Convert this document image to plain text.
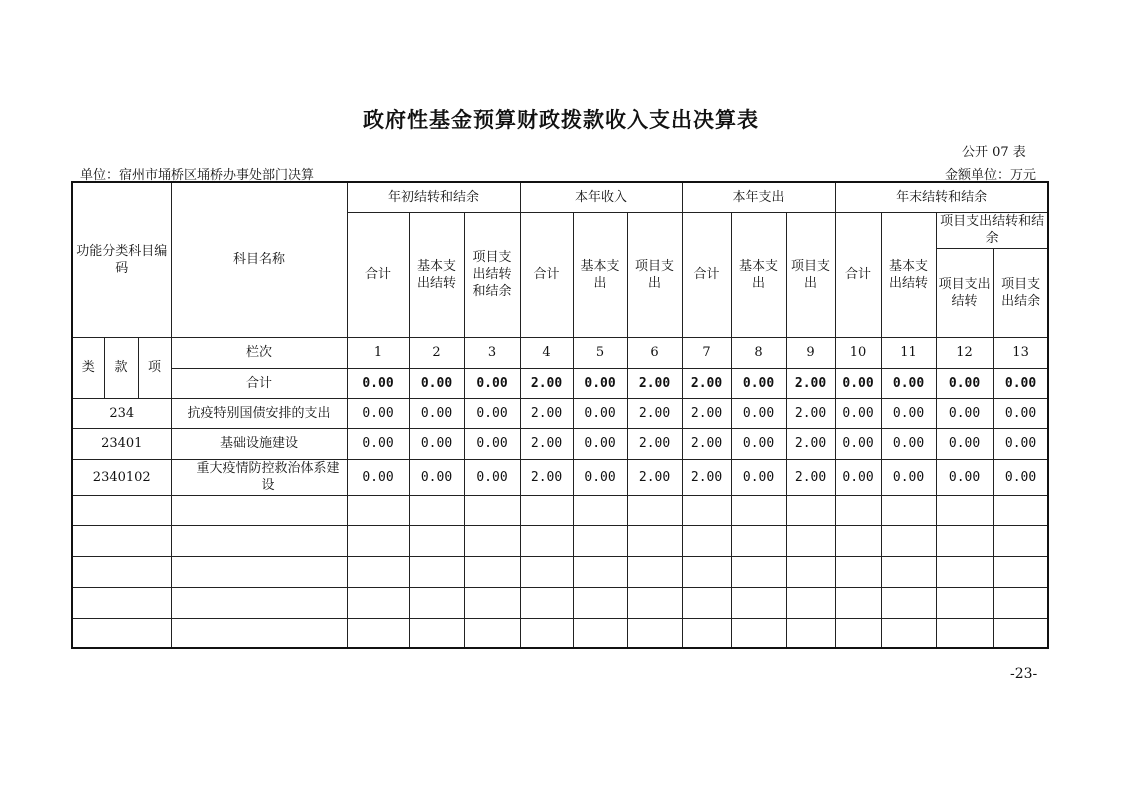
政府性基金预算财政拨款收入支出决算表
公开 07 表
单位：宿州市埇桥区埇桥办事处部门决算	金额单位：万元
功能分类科目编码			科目名称	年初结转和结余			本年收入			本年支出			年末结转和结余				
				合计	基本支出结转	项目支出结转和结余	合计	基本支出	项目支出	合计	基本支出	项目支出	合计	基本支出结转	项目支出结转和结余		
															项目支出结转	项目支出结余	
类	款	项	栏次	1	2	3	4	5	6	7	8	9	10	11	12	13	
			合计	0.00	0.00	0.00	2.00	0.00	2.00	2.00	0.00	2.00	0.00	0.00	0.00	0.00	
234			抗疫特别国债安排的支出	0.00	0.00	0.00	2.00	0.00	2.00	2.00	0.00	2.00	0.00	0.00	0.00	0.00	
23401			基础设施建设	0.00	0.00	0.00	2.00	0.00	2.00	2.00	0.00	2.00	0.00	0.00	0.00	0.00	
2340102			重大疫情防控救治体系建设	0.00	0.00	0.00	2.00	0.00	2.00	2.00	0.00	2.00	0.00	0.00	0.00	0.00	

-23-
